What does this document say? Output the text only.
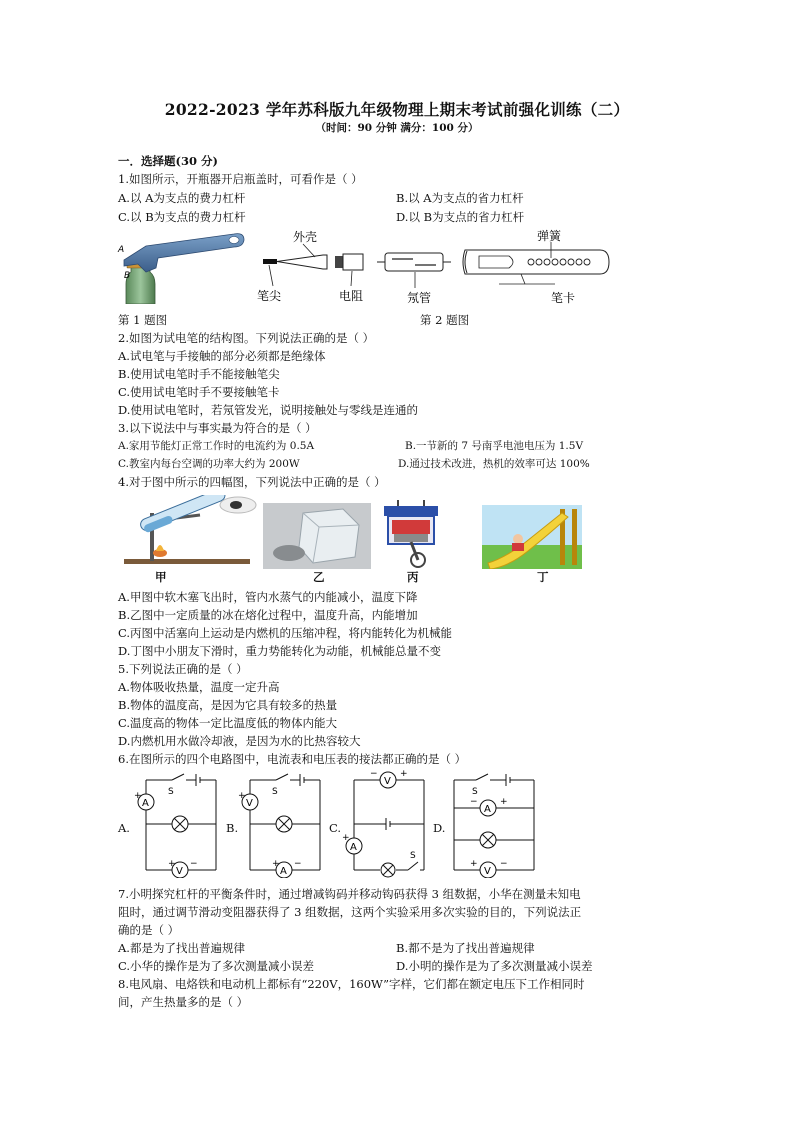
2022-2023 学年苏科版九年级物理上期末考试前强化训练（二）
（时间：90 分钟 满分：100 分）
一．选择题(30 分)
1.如图所示，开瓶器开启瓶盖时，可看作是（ ）
A.以 A为支点的费力杠杆	B.以 A为支点的省力杠杆
C.以 B为支点的费力杠杆	D.以 B为支点的省力杠杆
A
B
外壳
笔尖	电阻	氖管
弹簧
笔卡
第 1 题图	第 2 题图
2.如图为试电笔的结构图。下列说法正确的是（ ）
A.试电笔与手接触的部分必须都是绝缘体
B.使用试电笔时手不能接触笔尖
C.使用试电笔时手不要接触笔卡
D.使用试电笔时，若氖管发光，说明接触处与零线是连通的
3.以下说法中与事实最为符合的是（ ）
A.家用节能灯正常工作时的电流约为 0.5A	B.一节新的 7 号南孚电池电压为 1.5V
C.教室内每台空调的功率大约为 200W	D.通过技术改进，热机的效率可达 100%
4.对于图中所示的四幅图，下列说法中正确的是（ ）
甲	乙	丙	丁
A.甲图中软木塞飞出时，管内水蒸气的内能减小，温度下降
B.乙图中一定质量的冰在熔化过程中，温度升高，内能增加
C.丙图中活塞向上运动是内燃机的压缩冲程，将内能转化为机械能
D.丁图中小朋友下滑时，重力势能转化为动能，机械能总量不变
5.下列说法正确的是（ ）
A.物体吸收热量，温度一定升高
B.物体的温度高，是因为它具有较多的热量
C.温度高的物体一定比温度低的物体内能大
D.内燃机用水做冷却液，是因为水的比热容较大
6.在图所示的四个电路图中，电流表和电压表的接法都正确的是（ ）
A.	B.	C.	D.
A
V
S
+
+ −
V
A
S
+
+ −
V
A
S
− +
+
A
V
S
− +
+ −
7.小明探究杠杆的平衡条件时，通过增减钩码并移动钩码获得 3 组数据，小华在测量未知电
阻时，通过调节滑动变阻器获得了 3 组数据，这两个实验采用多次实验的目的，下列说法正
确的是（ ）
A.都是为了找出普遍规律	B.都不是为了找出普遍规律
C.小华的操作是为了多次测量减小误差	D.小明的操作是为了多次测量减小误差
8.电风扇、电烙铁和电动机上都标有“220V，160W”字样，它们都在额定电压下工作相同时
间，产生热量多的是（ ）
